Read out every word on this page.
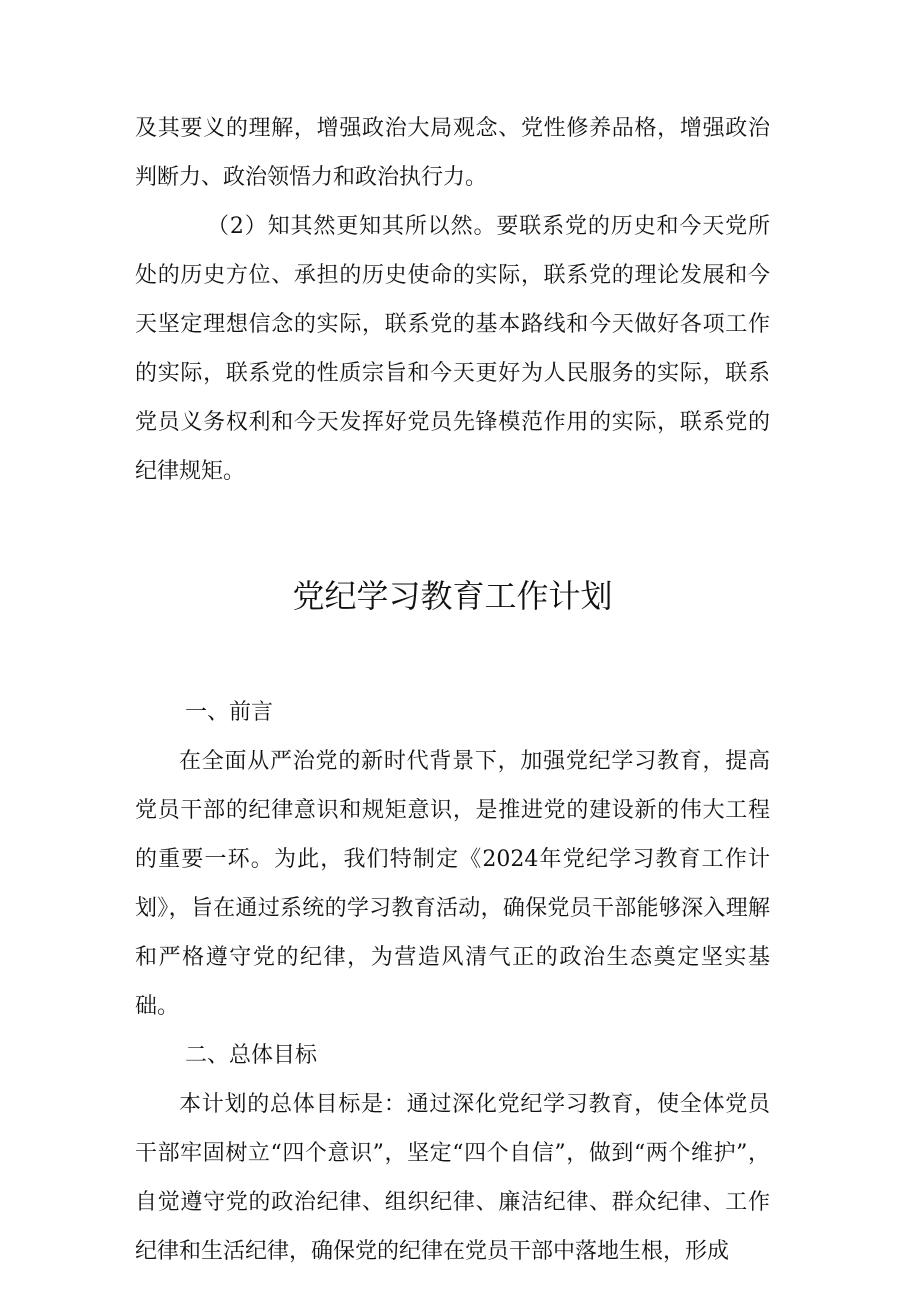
及其要义的理解，增强政治大局观念、党性修养品格，增强政治判断力、政治领悟力和政治执行力。

（2）知其然更知其所以然。要联系党的历史和今天党所处的历史方位、承担的历史使命的实际，联系党的理论发展和今天坚定理想信念的实际，联系党的基本路线和今天做好各项工作的实际，联系党的性质宗旨和今天更好为人民服务的实际，联系党员义务权利和今天发挥好党员先锋模范作用的实际，联系党的纪律规矩。

党纪学习教育工作计划

一、前言

在全面从严治党的新时代背景下，加强党纪学习教育，提高党员干部的纪律意识和规矩意识，是推进党的建设新的伟大工程的重要一环。为此，我们特制定《2024年党纪学习教育工作计划》，旨在通过系统的学习教育活动，确保党员干部能够深入理解和严格遵守党的纪律，为营造风清气正的政治生态奠定坚实基础。

二、总体目标

本计划的总体目标是：通过深化党纪学习教育，使全体党员干部牢固树立“四个意识”，坚定“四个自信”，做到“两个维护”，自觉遵守党的政治纪律、组织纪律、廉洁纪律、群众纪律、工作纪律和生活纪律，确保党的纪律在党员干部中落地生根，形成
